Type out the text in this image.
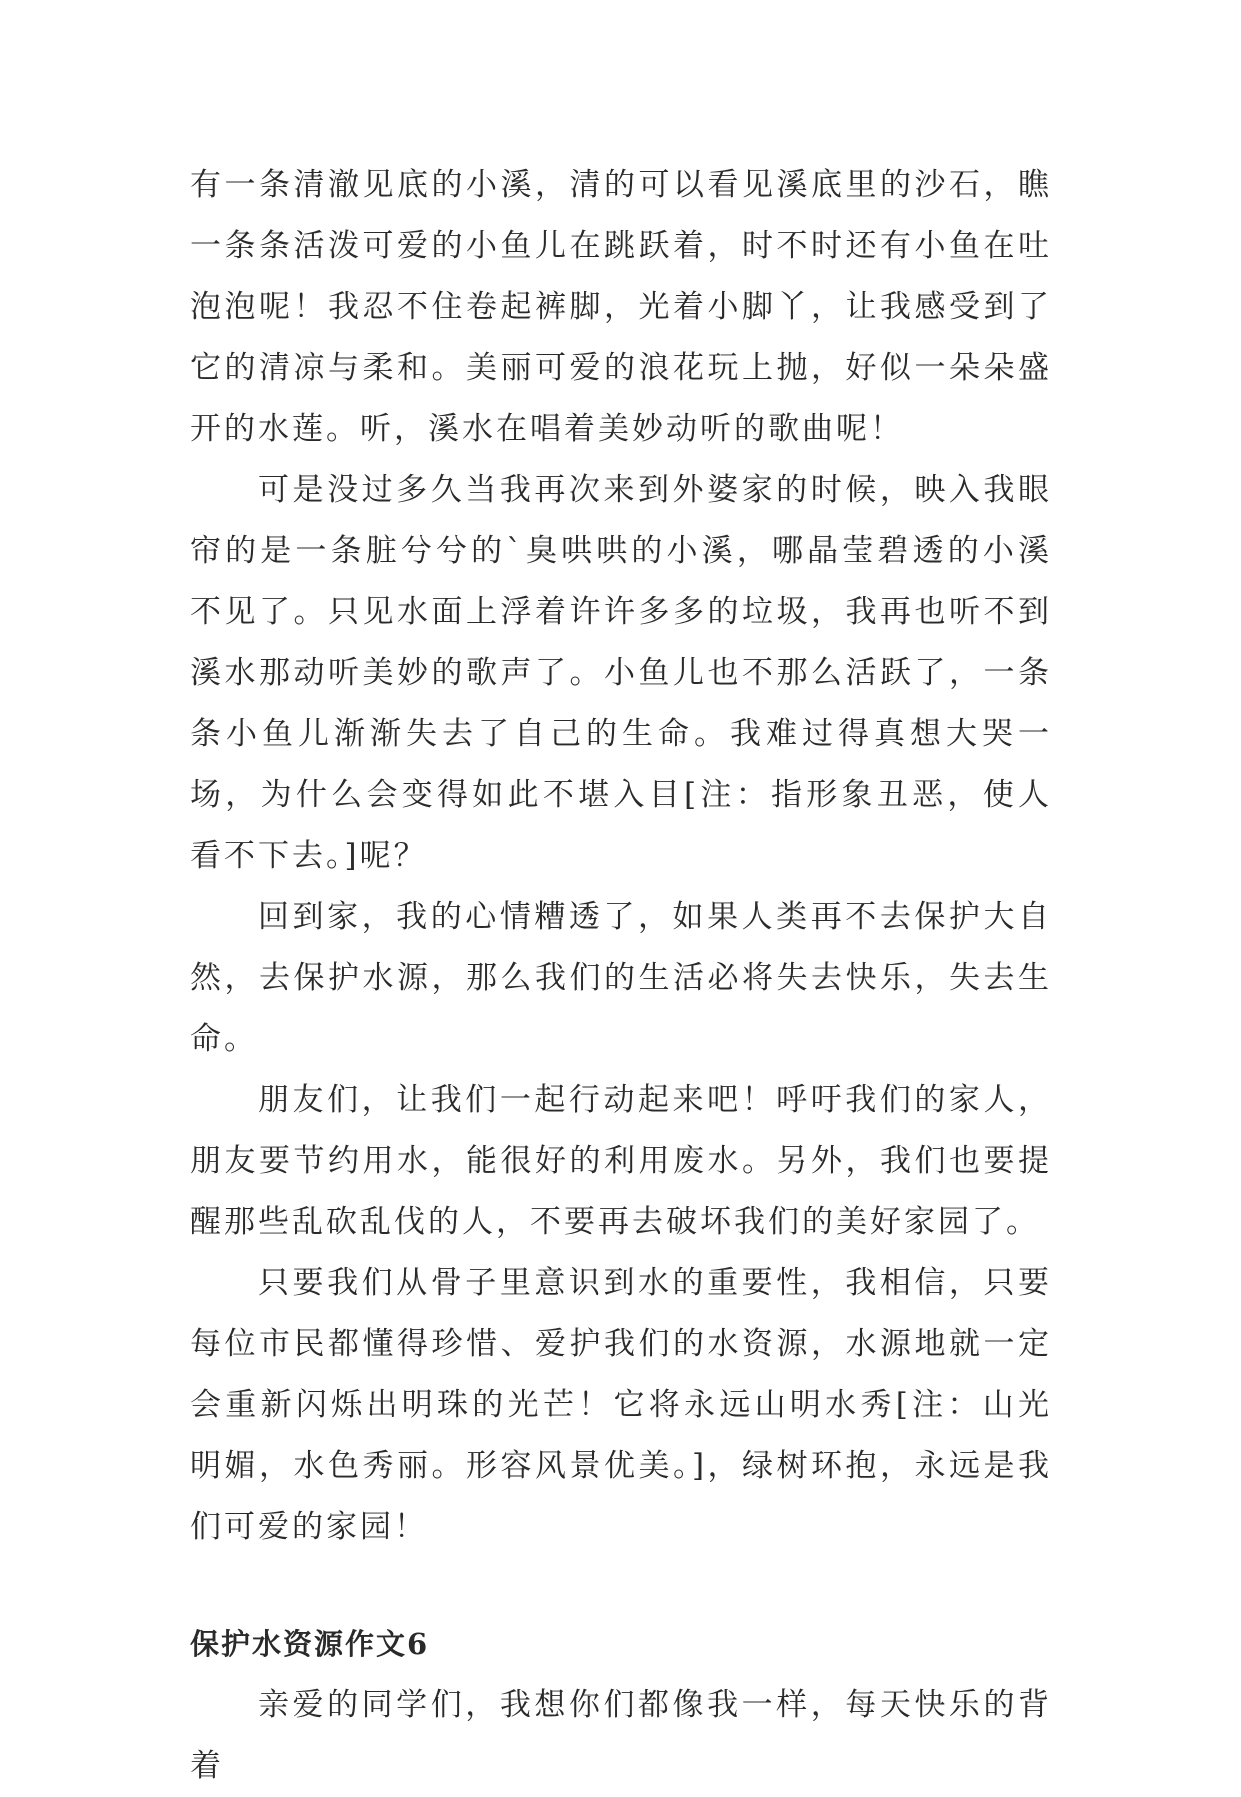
有一条清澈见底的小溪，清的可以看见溪底里的沙石，瞧一条条活泼可爱的小鱼儿在跳跃着，时不时还有小鱼在吐泡泡呢！我忍不住卷起裤脚，光着小脚丫，让我感受到了它的清凉与柔和。美丽可爱的浪花玩上抛，好似一朵朵盛开的水莲。听，溪水在唱着美妙动听的歌曲呢！

可是没过多久当我再次来到外婆家的时候，映入我眼帘的是一条脏兮兮的`臭哄哄的小溪，哪晶莹碧透的小溪不见了。只见水面上浮着许许多多的垃圾，我再也听不到溪水那动听美妙的歌声了。小鱼儿也不那么活跃了，一条条小鱼儿渐渐失去了自己的生命。我难过得真想大哭一场，为什么会变得如此不堪入目[注：指形象丑恶，使人看不下去。]呢？

回到家，我的心情糟透了，如果人类再不去保护大自然，去保护水源，那么我们的生活必将失去快乐，失去生命。

朋友们，让我们一起行动起来吧！呼吁我们的家人，朋友要节约用水，能很好的利用废水。另外，我们也要提醒那些乱砍乱伐的人，不要再去破坏我们的美好家园了。

只要我们从骨子里意识到水的重要性，我相信，只要每位市民都懂得珍惜、爱护我们的水资源，水源地就一定会重新闪烁出明珠的光芒！它将永远山明水秀[注：山光明媚，水色秀丽。形容风景优美。]，绿树环抱，永远是我们可爱的家园！

保护水资源作文6

亲爱的同学们，我想你们都像我一样，每天快乐的背着
